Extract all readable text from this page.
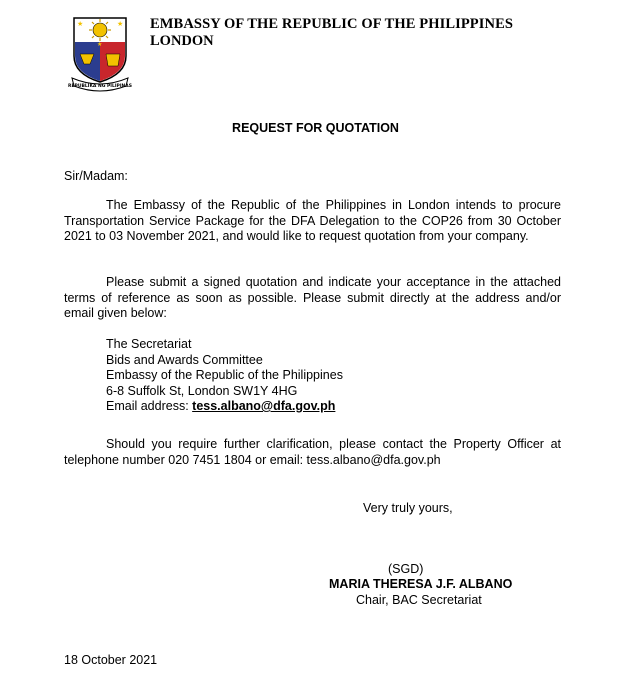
★	★
★
REPUBLIKA NG PILIPINAS
EMBASSY OF THE REPUBLIC OF THE PHILIPPINES
LONDON
REQUEST FOR QUOTATION
Sir/Madam:
The Embassy of the Republic of the Philippines in London intends to procure Transportation Service Package for the DFA Delegation to the COP26 from 30 October 2021 to 03 November 2021, and would like to request quotation from your company.
Please submit a signed quotation and indicate your acceptance in the attached terms of reference as soon as possible. Please submit directly at the address and/or email given below:
The Secretariat
Bids and Awards Committee
Embassy of the Republic of the Philippines
6-8 Suffolk St, London SW1Y 4HG
Email address: tess.albano@dfa.gov.ph
Should you require further clarification, please contact the Property Officer at telephone number 020 7451 1804 or email: tess.albano@dfa.gov.ph
Very truly yours,
(SGD)
MARIA THERESA J.F. ALBANO
Chair, BAC Secretariat
18 October 2021
